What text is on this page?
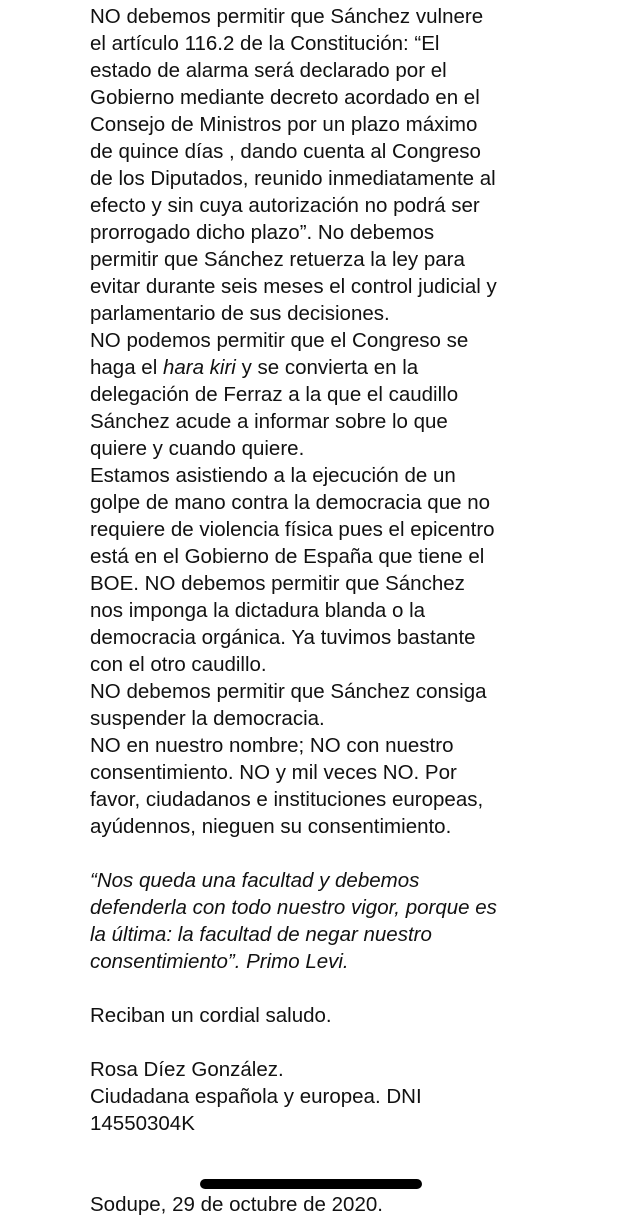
NO debemos permitir que Sánchez vulnere
el artículo 116.2 de la Constitución: “El
estado de alarma será declarado por el
Gobierno mediante decreto acordado en el
Consejo de Ministros por un plazo máximo
de quince días , dando cuenta al Congreso
de los Diputados, reunido inmediatamente al
efecto y sin cuya autorización no podrá ser
prorrogado dicho plazo”. No debemos
permitir que Sánchez retuerza la ley para
evitar durante seis meses el control judicial y
parlamentario de sus decisiones.
NO podemos permitir que el Congreso se
haga el hara kiri y se convierta en la
delegación de Ferraz a la que el caudillo
Sánchez acude a informar sobre lo que
quiere y cuando quiere.
Estamos asistiendo a la ejecución de un
golpe de mano contra la democracia que no
requiere de violencia física pues el epicentro
está en el Gobierno de España que tiene el
BOE. NO debemos permitir que Sánchez
nos imponga la dictadura blanda o la
democracia orgánica. Ya tuvimos bastante
con el otro caudillo.
NO debemos permitir que Sánchez consiga
suspender la democracia.
NO en nuestro nombre; NO con nuestro
consentimiento. NO y mil veces NO. Por
favor, ciudadanos e instituciones europeas,
ayúdennos, nieguen su consentimiento.
“Nos queda una facultad y debemos
defenderla con todo nuestro vigor, porque es
la última: la facultad de negar nuestro
consentimiento”. Primo Levi.
Reciban un cordial saludo.
Rosa Díez González.
Ciudadana española y europea. DNI
14550304K
Sodupe, 29 de octubre de 2020.
